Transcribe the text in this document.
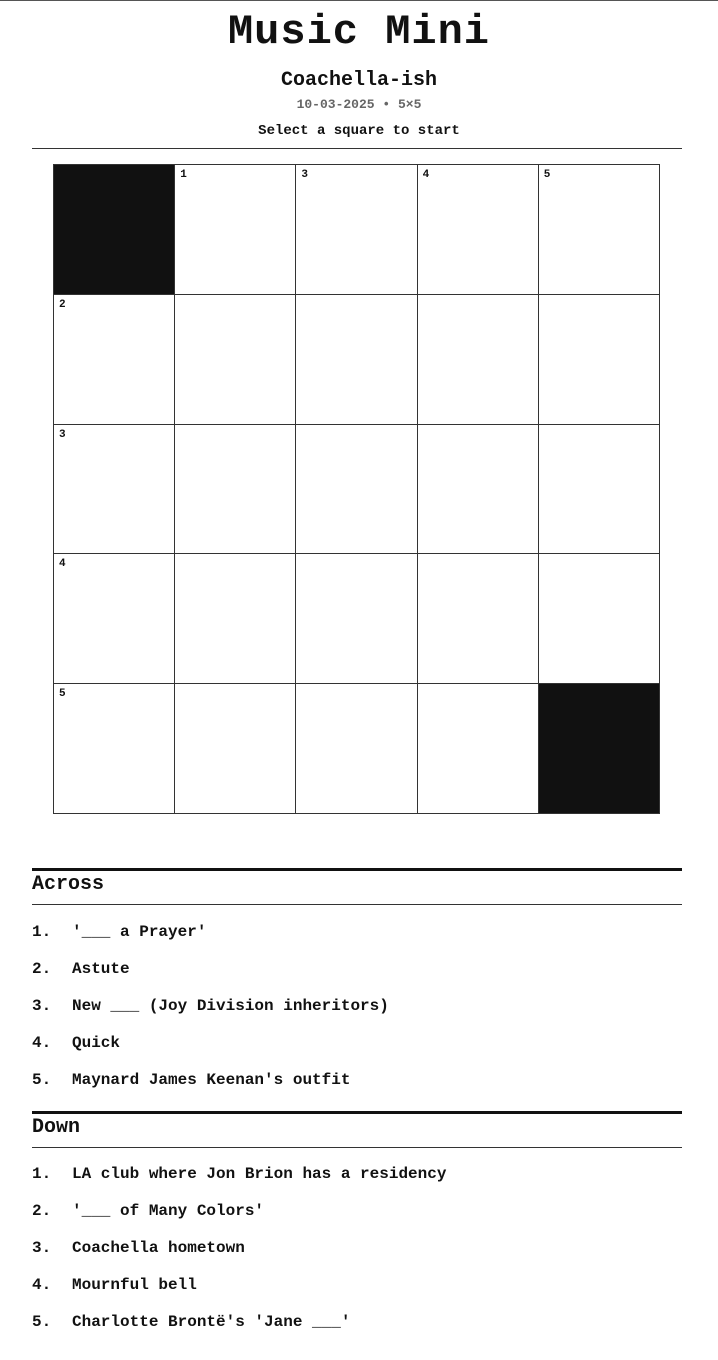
Music Mini
Coachella-ish
10-03-2025 • 5×5
Select a square to start
1	3	4	5
2
3
4
5
Across
1. '___ a Prayer'
2. Astute
3. New ___ (Joy Division inheritors)
4. Quick
5. Maynard James Keenan's outfit
Down
1. LA club where Jon Brion has a residency
2. '___ of Many Colors'
3. Coachella hometown
4. Mournful bell
5. Charlotte Brontë's 'Jane ___'
